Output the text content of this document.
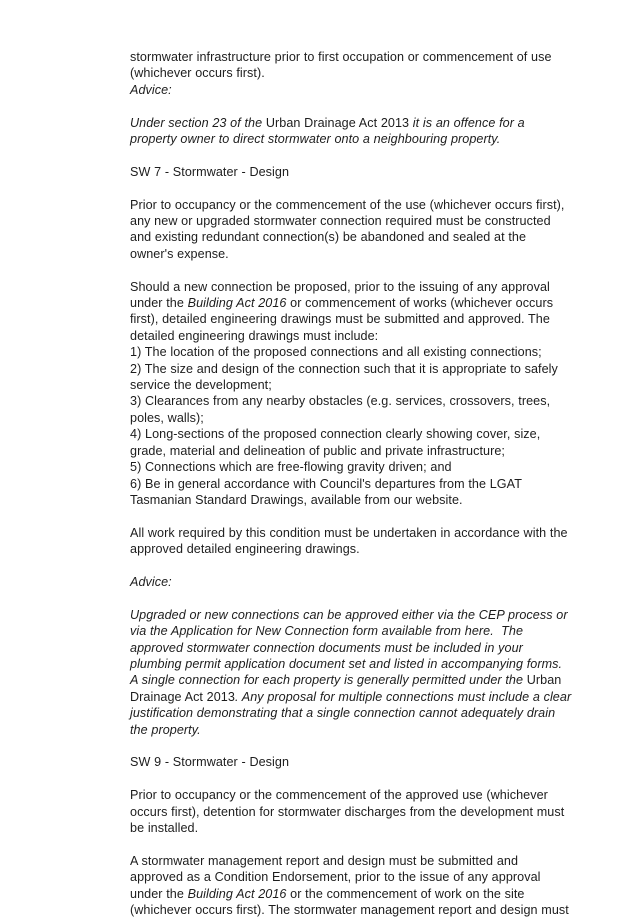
stormwater infrastructure prior to first occupation or commencement of use (whichever occurs first).

Advice:

Under section 23 of the Urban Drainage Act 2013 it is an offence for a property owner to direct stormwater onto a neighbouring property.

SW 7 - Stormwater - Design

Prior to occupancy or the commencement of the use (whichever occurs first), any new or upgraded stormwater connection required must be constructed and existing redundant connection(s) be abandoned and sealed at the owner's expense.

Should a new connection be proposed, prior to the issuing of any approval under the Building Act 2016 or commencement of works (whichever occurs first), detailed engineering drawings must be submitted and approved. The detailed engineering drawings must include:

1) The location of the proposed connections and all existing connections;

2) The size and design of the connection such that it is appropriate to safely service the development;

3) Clearances from any nearby obstacles (e.g. services, crossovers, trees, poles, walls);

4) Long-sections of the proposed connection clearly showing cover, size, grade, material and delineation of public and private infrastructure;

5) Connections which are free-flowing gravity driven; and

6) Be in general accordance with Council's departures from the LGAT Tasmanian Standard Drawings, available from our website.

All work required by this condition must be undertaken in accordance with the approved detailed engineering drawings.

Advice:

Upgraded or new connections can be approved either via the CEP process or via the Application for New Connection form available from here.  The approved stormwater connection documents must be included in your plumbing permit application document set and listed in accompanying forms. A single connection for each property is generally permitted under the Urban Drainage Act 2013. Any proposal for multiple connections must include a clear justification demonstrating that a single connection cannot adequately drain the property.

SW 9 - Stormwater - Design

Prior to occupancy or the commencement of the approved use (whichever occurs first), detention for stormwater discharges from the development must be installed.

A stormwater management report and design must be submitted and approved as a Condition Endorsement, prior to the issue of any approval under the Building Act 2016 or the commencement of work on the site (whichever occurs first). The stormwater management report and design must
